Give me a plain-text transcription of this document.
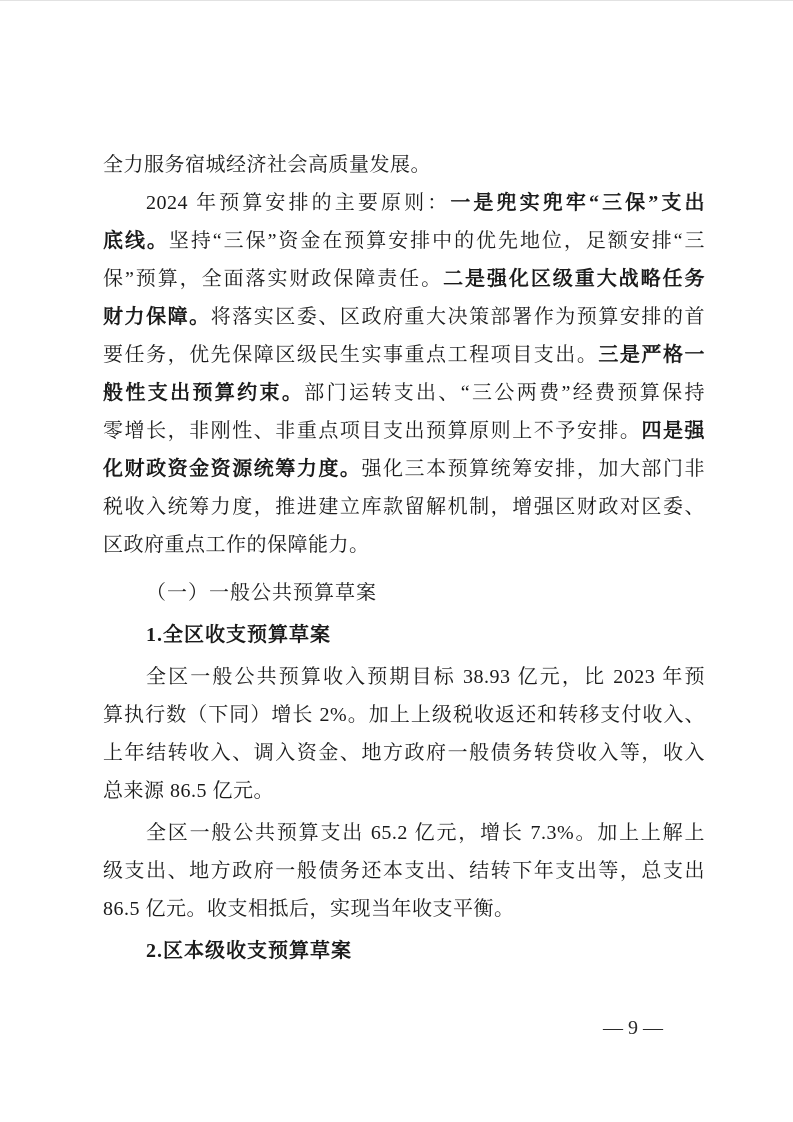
全力服务宿城经济社会高质量发展。
2024 年预算安排的主要原则：一是兜实兜牢“三保”支出
底线。坚持“三保”资金在预算安排中的优先地位，足额安排“三
保”预算，全面落实财政保障责任。二是强化区级重大战略任务
财力保障。将落实区委、区政府重大决策部署作为预算安排的首
要任务，优先保障区级民生实事重点工程项目支出。三是严格一
般性支出预算约束。部门运转支出、“三公两费”经费预算保持
零增长，非刚性、非重点项目支出预算原则上不予安排。四是强
化财政资金资源统筹力度。强化三本预算统筹安排，加大部门非
税收入统筹力度，推进建立库款留解机制，增强区财政对区委、
区政府重点工作的保障能力。
（一）一般公共预算草案
1.全区收支预算草案
全区一般公共预算收入预期目标 38.93 亿元，比 2023 年预
算执行数（下同）增长 2%。加上上级税收返还和转移支付收入、
上年结转收入、调入资金、地方政府一般债务转贷收入等，收入
总来源 86.5 亿元。
全区一般公共预算支出 65.2 亿元，增长 7.3%。加上上解上
级支出、地方政府一般债务还本支出、结转下年支出等，总支出
86.5 亿元。收支相抵后，实现当年收支平衡。
2.区本级收支预算草案
— 9 —
